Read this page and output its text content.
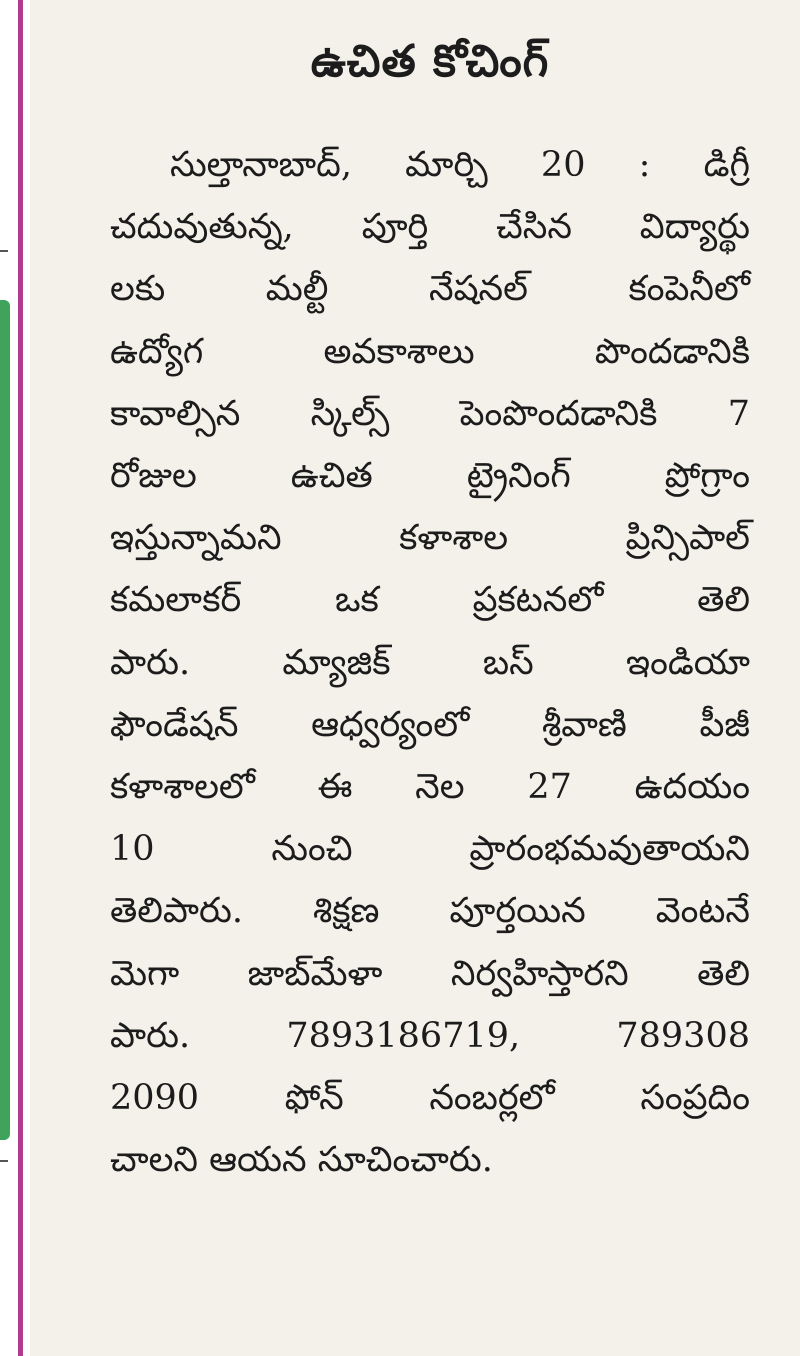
ఉచిత కోచింగ్
సుల్తానాబాద్, మార్చి 20 : డిగ్రీ
చదువుతున్న, పూర్తి చేసిన విద్యార్థు
లకు మల్టీ నేషనల్ కంపెనీలో
ఉద్యోగ అవకాశాలు పొందడానికి
కావాల్సిన స్కిల్స్ పెంపొందడానికి 7
రోజుల ఉచిత ట్రైనింగ్ ప్రోగ్రాం
ఇస్తున్నామని కళాశాల ప్రిన్సిపాల్
కమలాకర్ ఒక ప్రకటనలో తెలి
పారు. మ్యాజిక్ బస్ ఇండియా
ఫౌండేషన్ ఆధ్వర్యంలో శ్రీవాణి పీజీ
కళాశాలలో ఈ నెల 27 ఉదయం
10 నుంచి ప్రారంభమవుతాయని
తెలిపారు. శిక్షణ పూర్తయిన వెంటనే
మెగా జాబ్‌మేళా నిర్వహిస్తారని తెలి
పారు. 7893186719, 789308
2090 ఫోన్ నంబర్లలో సంప్రదిం
చాలని ఆయన సూచించారు.
